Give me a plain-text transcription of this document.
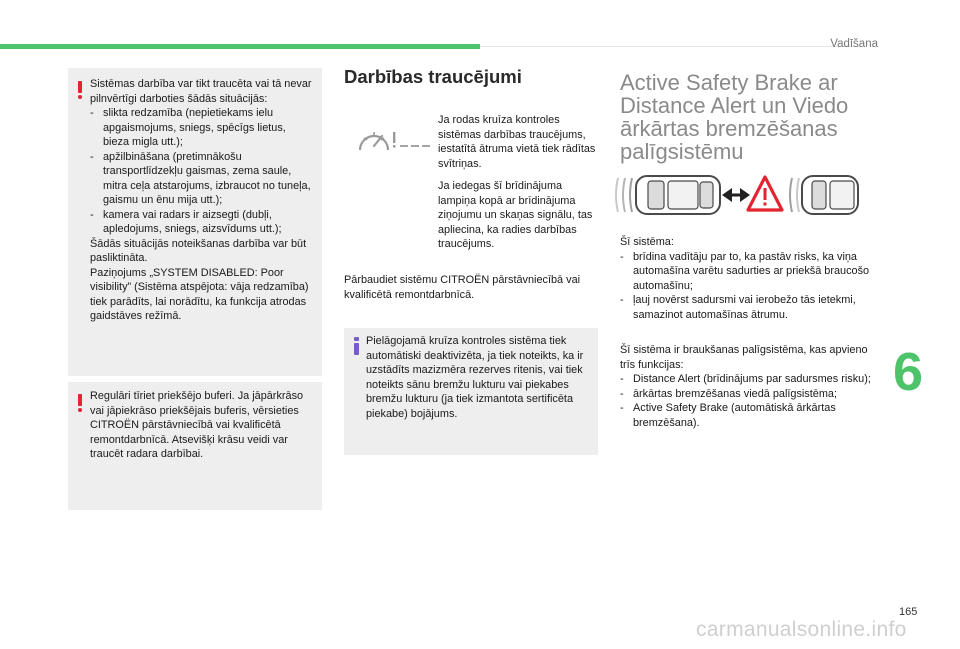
Vadīšana

Sistēmas darbība var tikt traucēta vai tā nevar pilnvērtīgi darboties šādās situācijās:

- slikta redzamība (nepietiekams ielu apgaismojums, sniegs, spēcīgs lietus, bieza migla utt.);

- apžilbināšana (pretimnākošu transportlīdzekļu gaismas, zema saule, mitra ceļa atstarojums, izbraucot no tuneļa, gaismu un ēnu mija utt.);

- kamera vai radars ir aizsegti (dubļi, apledojums, sniegs, aizsvīdums utt.);

Šādās situācijās noteikšanas darbība var būt pasliktināta.

Paziņojums „SYSTEM DISABLED: Poor visibility” (Sistēma atspējota: vāja redzamība) tiek parādīts, lai norādītu, ka funkcija atrodas gaidstāves režīmā.

Regulāri tīriet priekšējo buferi. Ja jāpārkrāso vai jāpiekrāso priekšējais buferis, vērsieties CITROËN pārstāvniecībā vai kvalificētā remontdarbnīcā. Atsevišķi krāsu veidi var traucēt radara darbībai.
Darbības traucējumi
Ja rodas kruīza kontroles sistēmas darbības traucējums, iestatītā ātruma vietā tiek rādītas svītriņas.
Ja iedegas šī brīdinājuma lampiņa kopā ar brīdinājuma ziņojumu un skaņas signālu, tas apliecina, ka radies darbības traucējums.
Pārbaudiet sistēmu CITROËN pārstāvniecībā vai kvalificētā remontdarbnīcā.
Pielāgojamā kruīza kontroles sistēma tiek automātiski deaktivizēta, ja tiek noteikts, ka ir uzstādīts mazizmēra rezerves ritenis, vai tiek noteikts sānu bremžu lukturu vai piekabes bremžu lukturu (ja tiek izmantota sertificēta piekabe) bojājums.
Active Safety Brake ar Distance Alert un Viedo ārkārtas bremzēšanas palīgsistēmu

Šī sistēma:

- brīdina vadītāju par to, ka pastāv risks, ka viņa automašīna varētu sadurties ar priekšā braucošo automašīnu;

- ļauj novērst sadursmi vai ierobežo tās ietekmi, samazinot automašīnas ātrumu.

Šī sistēma ir braukšanas palīgsistēma, kas apvieno trīs funkcijas:

- Distance Alert (brīdinājums par sadursmes risku);

- ārkārtas bremzēšanas viedā palīgsistēma;

- Active Safety Brake (automātiskā ārkārtas bremzēšana).

6
165
carmanualsonline.info
